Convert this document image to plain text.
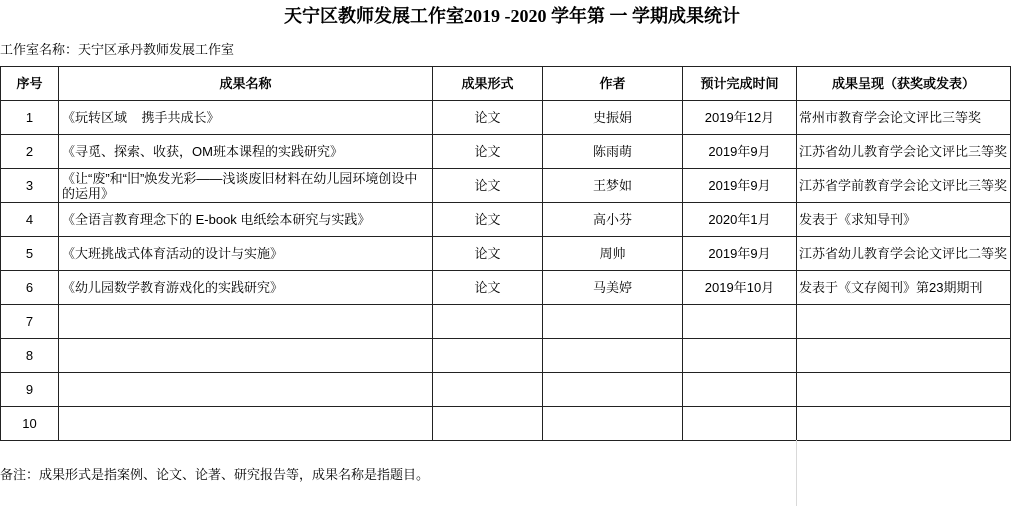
天宁区教师发展工作室2019 -2020 学年第 一 学期成果统计
工作室名称：天宁区承丹教师发展工作室
序号	成果名称	成果形式	作者	预计完成时间	成果呈现（获奖或发表）
1	《玩转区域    携手共成长》	论文	史振娟	2019年12月	常州市教育学会论文评比三等奖
2	《寻觅、探索、收获，OM班本课程的实践研究》	论文	陈雨萌	2019年9月	江苏省幼儿教育学会论文评比三等奖
3	《让“废”和“旧”焕发光彩——浅谈废旧材料在幼儿园环境创设中的运用》	论文	王梦如	2019年9月	江苏省学前教育学会论文评比三等奖
4	《全语言教育理念下的 E-book 电纸绘本研究与实践》	论文	高小芬	2020年1月	发表于《求知导刊》
5	《大班挑战式体育活动的设计与实施》	论文	周帅	2019年9月	江苏省幼儿教育学会论文评比二等奖
6	《幼儿园数学教育游戏化的实践研究》	论文	马美婷	2019年10月	发表于《文存阅刊》第23期期刊
7					
8					
9					
10					
备注：成果形式是指案例、论文、论著、研究报告等，成果名称是指题目。
